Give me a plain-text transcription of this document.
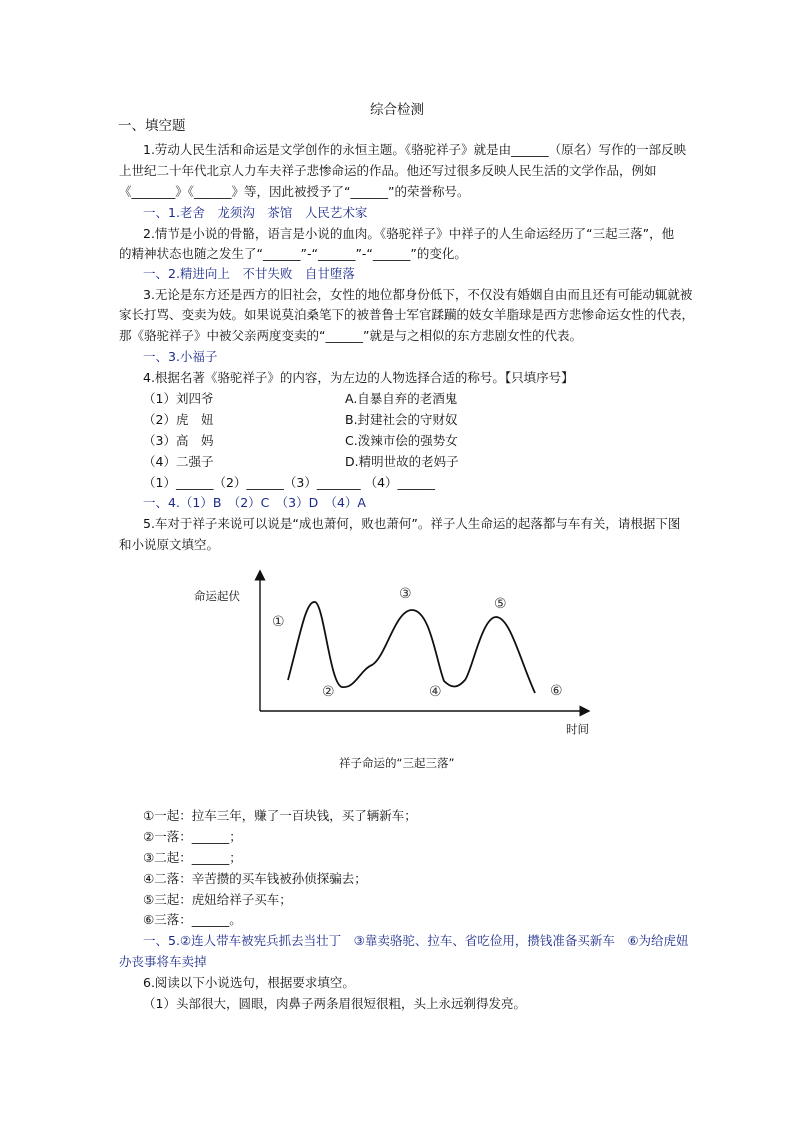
综合检测
一、填空题
1.劳动人民生活和命运是文学创作的永恒主题。《骆驼祥子》就是由______（原名）写作的一部反映
上世纪二十年代北京人力车夫祥子悲惨命运的作品。他还写过很多反映人民生活的文学作品，例如
《_______》《______》等，因此被授予了“______”的荣誉称号。
一、1.老舍　龙须沟　茶馆　人民艺术家
2.情节是小说的骨骼，语言是小说的血肉。《骆驼祥子》中祥子的人生命运经历了“三起三落”，他
的精神状态也随之发生了“______”-“______”-“______”的变化。
一、2.精进向上　不甘失败　自甘堕落
3.无论是东方还是西方的旧社会，女性的地位都身份低下，不仅没有婚姻自由而且还有可能动辄就被
家长打骂、变卖为妓。如果说莫泊桑笔下的被普鲁士军官蹂躏的妓女羊脂球是西方悲惨命运女性的代表，
那《骆驼祥子》中被父亲两度变卖的“______”就是与之相似的东方悲剧女性的代表。
一、3.小福子
4.根据名著《骆驼祥子》的内容，为左边的人物选择合适的称号。【只填序号】
（1）刘四爷	A.自暴自弃的老酒鬼
（2）虎　妞	B.封建社会的守财奴
（3）高　妈	C.泼辣市侩的强势女
（4）二强子	D.精明世故的老妈子
（1）______（2）______（3）_______ （4）______
一、4.（1）B　（2）C　（3）D　（4）A
5.车对于祥子来说可以说是“成也萧何，败也萧何”。祥子人生命运的起落都与车有关，请根据下图
和小说原文填空。
命运起伏
时间
①
②
③
④
⑤
⑥
祥子命运的“三起三落”
①一起：拉车三年，赚了一百块钱，买了辆新车；
②一落：______；
③二起：______；
④二落：辛苦攒的买车钱被孙侦探骗去；
⑤三起：虎妞给祥子买车；
⑥三落：______。
一、5.②连人带车被宪兵抓去当壮丁　③靠卖骆驼、拉车、省吃俭用，攒钱准备买新车　⑥为给虎妞
办丧事将车卖掉
6.阅读以下小说选句，根据要求填空。
（1）头部很大，圆眼，肉鼻子两条眉很短很粗，头上永远剃得发亮。
